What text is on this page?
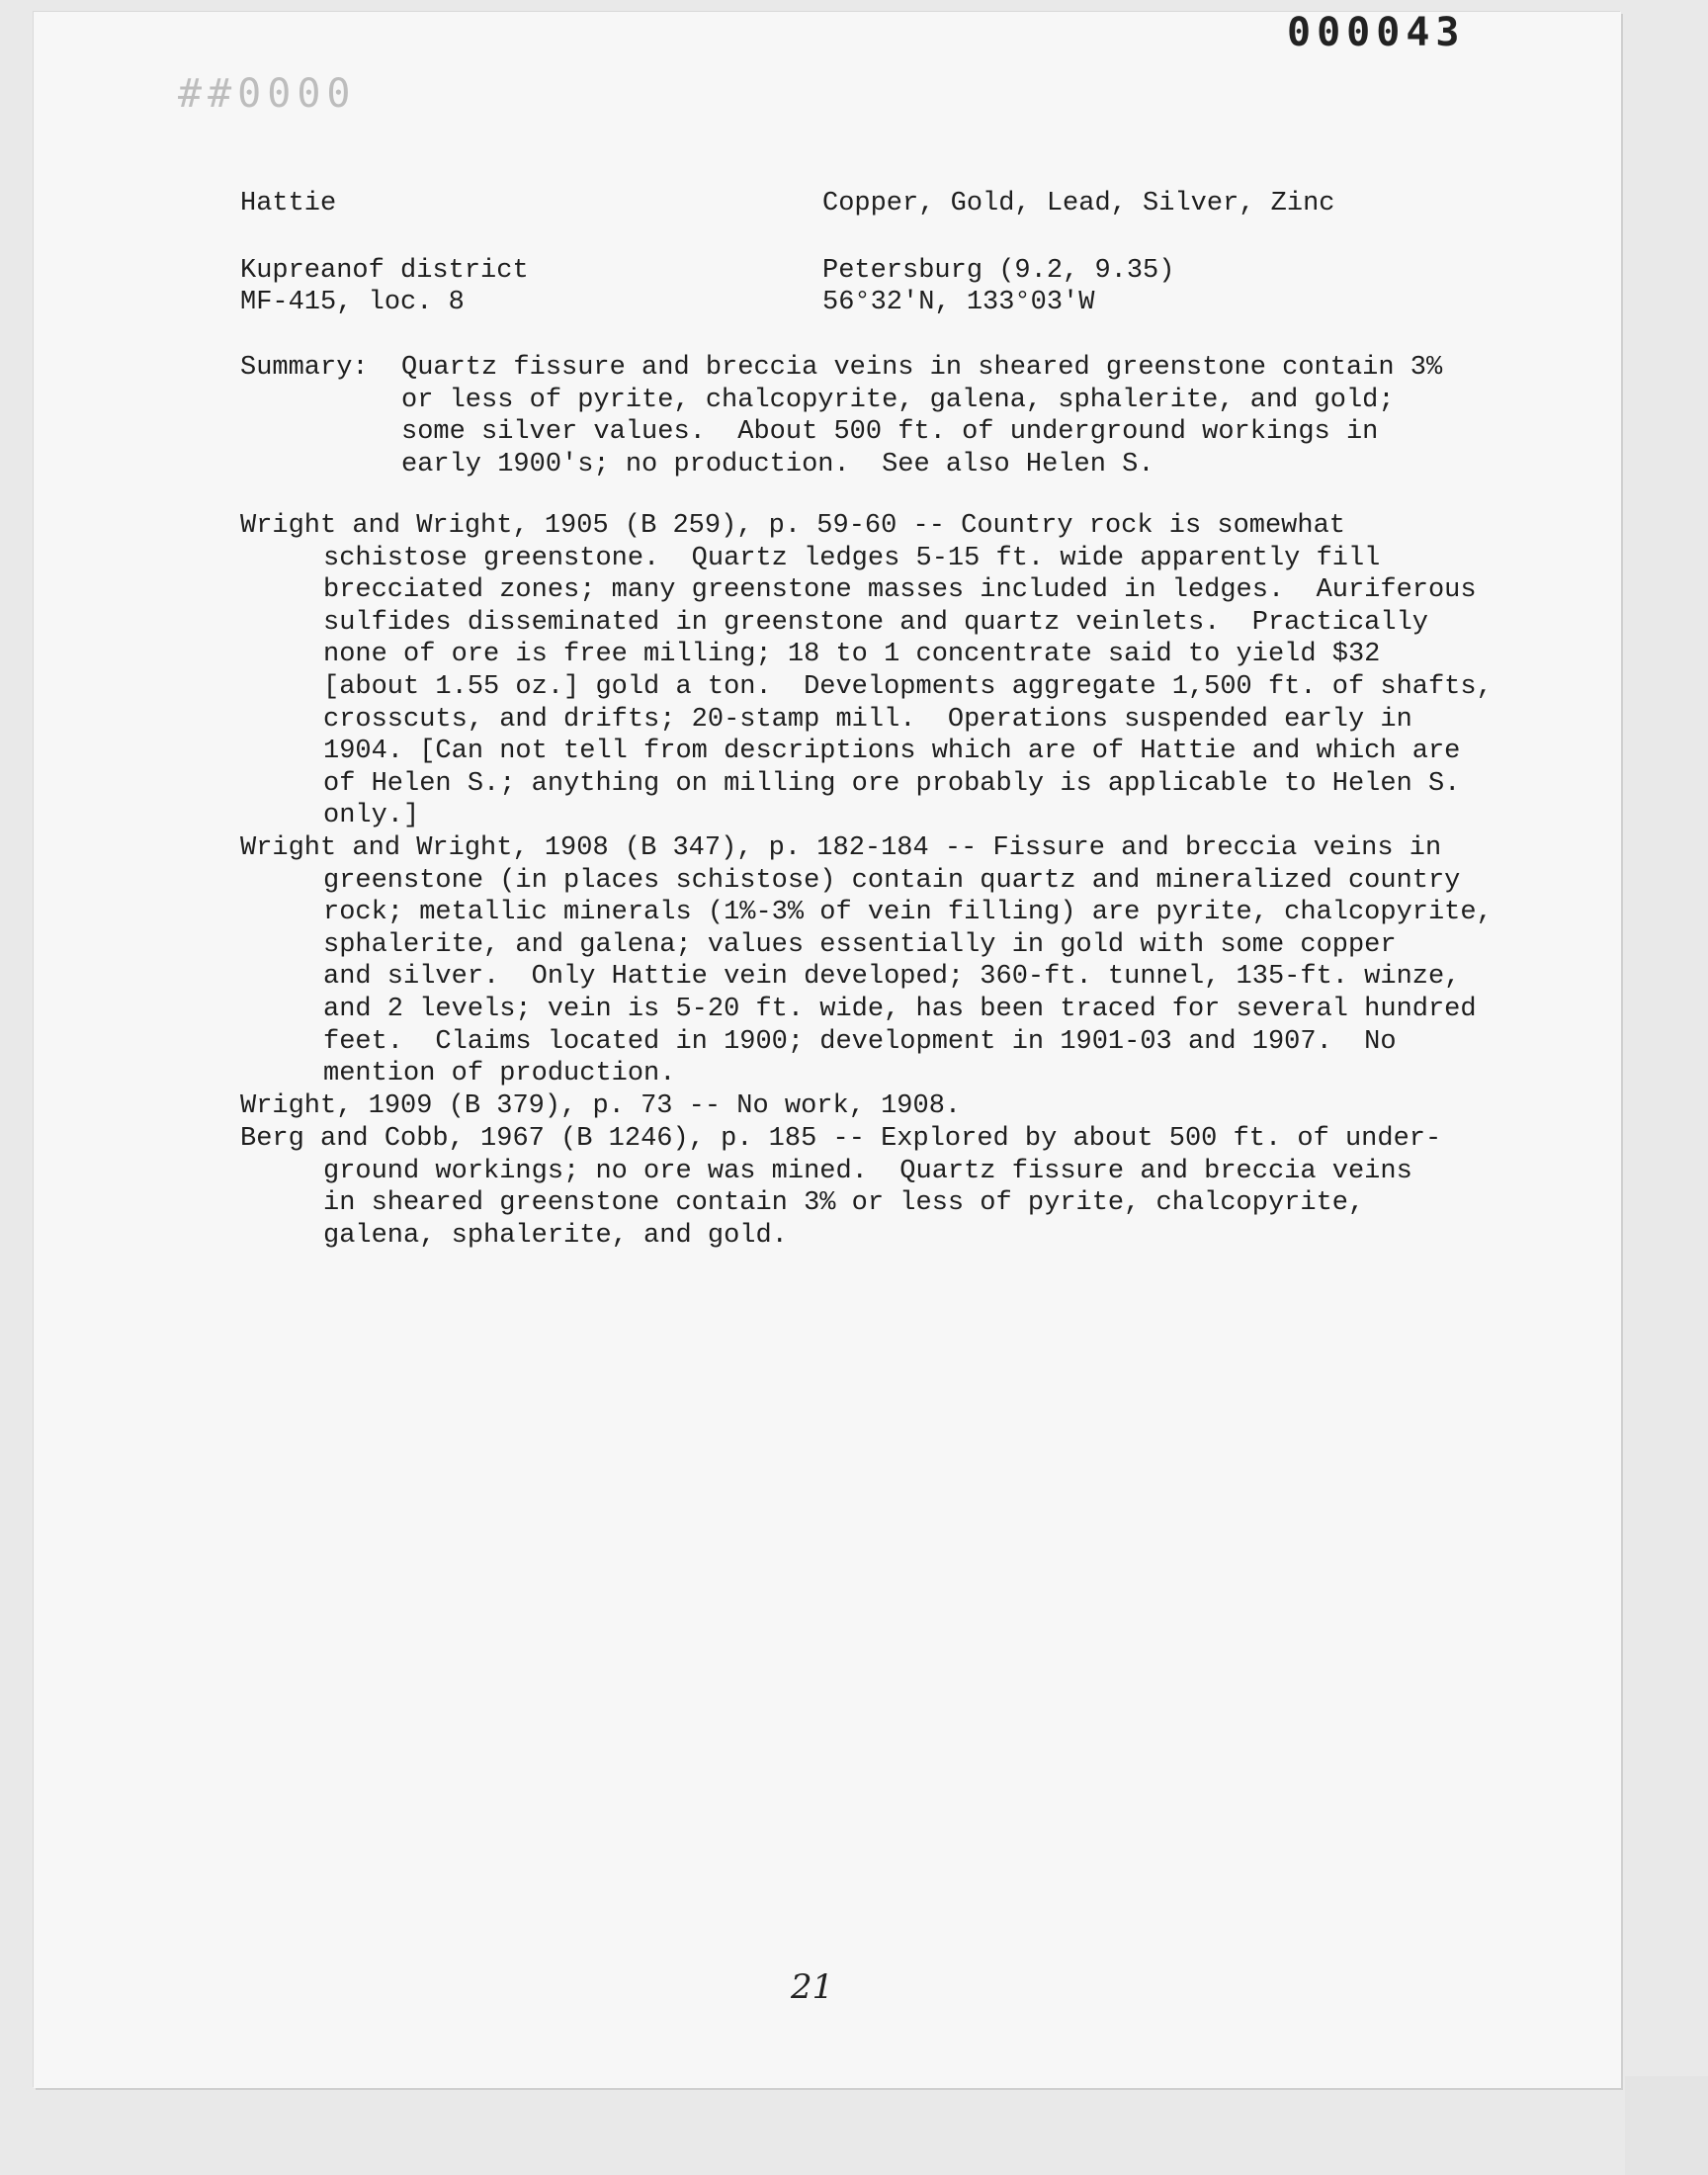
000043
##0000
Hattie	Copper, Gold, Lead, Silver, Zinc
Kupreanof district
MF-415, loc. 8
Petersburg (9.2, 9.35)
56°32'N, 133°03'W
Summary: Quartz fissure and breccia veins in sheared greenstone contain 3%
or less of pyrite, chalcopyrite, galena, sphalerite, and gold;
some silver values.  About 500 ft. of underground workings in
early 1900's; no production.  See also Helen S.
Wright and Wright, 1905 (B 259), p. 59-60 -- Country rock is somewhat
schistose greenstone.  Quartz ledges 5-15 ft. wide apparently fill
brecciated zones; many greenstone masses included in ledges.  Auriferous
sulfides disseminated in greenstone and quartz veinlets.  Practically
none of ore is free milling; 18 to 1 concentrate said to yield $32
[about 1.55 oz.] gold a ton.  Developments aggregate 1,500 ft. of shafts,
crosscuts, and drifts; 20-stamp mill.  Operations suspended early in
1904. [Can not tell from descriptions which are of Hattie and which are
of Helen S.; anything on milling ore probably is applicable to Helen S.
only.]
Wright and Wright, 1908 (B 347), p. 182-184 -- Fissure and breccia veins in
greenstone (in places schistose) contain quartz and mineralized country
rock; metallic minerals (1%-3% of vein filling) are pyrite, chalcopyrite,
sphalerite, and galena; values essentially in gold with some copper
and silver.  Only Hattie vein developed; 360-ft. tunnel, 135-ft. winze,
and 2 levels; vein is 5-20 ft. wide, has been traced for several hundred
feet.  Claims located in 1900; development in 1901-03 and 1907.  No
mention of production.
Wright, 1909 (B 379), p. 73 -- No work, 1908.
Berg and Cobb, 1967 (B 1246), p. 185 -- Explored by about 500 ft. of under-
ground workings; no ore was mined.  Quartz fissure and breccia veins
in sheared greenstone contain 3% or less of pyrite, chalcopyrite,
galena, sphalerite, and gold.
21
